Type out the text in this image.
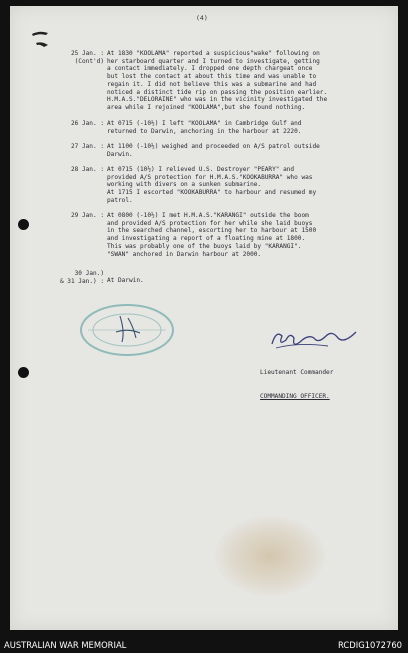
(4)
25 Jan. :
(Cont'd)
At 1830 "KOOLAMA" reported a suspicious"wake" following on
her starboard quarter and I turned to investigate, getting
a contact immediately. I dropped one depth chargeat once
but lost the contact at about this time and was unable to
regain it. I did not believe this was a submarine and had
noticed a distinct tide rip on passing the position earlier.
H.M.A.S."DELORAINE" who was in the vicinity investigated the
area while I rejoined "KOOLAMA",but she found nothing.
26 Jan. : At 0715 (-10½) I left "KOOLAMA" in Cambridge Gulf and
returned to Darwin, anchoring in the harbour at 2220.
27 Jan. : At 1100 (-10½) weighed and proceeded on A/S patrol outside
Darwin.
28 Jan. : At 0715 (10½) I relieved U.S. Destroyer "PEARY" and
provided A/S protection for H.M.A.S."KOOKABURRA" who was
working with divers on a sunken submarine.
At 1715 I escorted "KOOKABURRA" to harbour and resumed my
patrol.
29 Jan. : At 0800 (-10½) I met H.M.A.S."KARANGI" outside the boom
and provided A/S protection for her while she laid buoys
in the searched channel, escorting her to harbour at 1500
and investigating a report of a floating mine at 1800.
This was probably one of the buoys laid by "KARANGI".
"SWAN" anchored in Darwin harbour at 2000.
30 Jan.)
& 31 Jan.) : At Darwin.

Lieutenant Commander

COMMANDING OFFICER.

AUSTRALIAN WAR MEMORIAL	RCDIG1072760
